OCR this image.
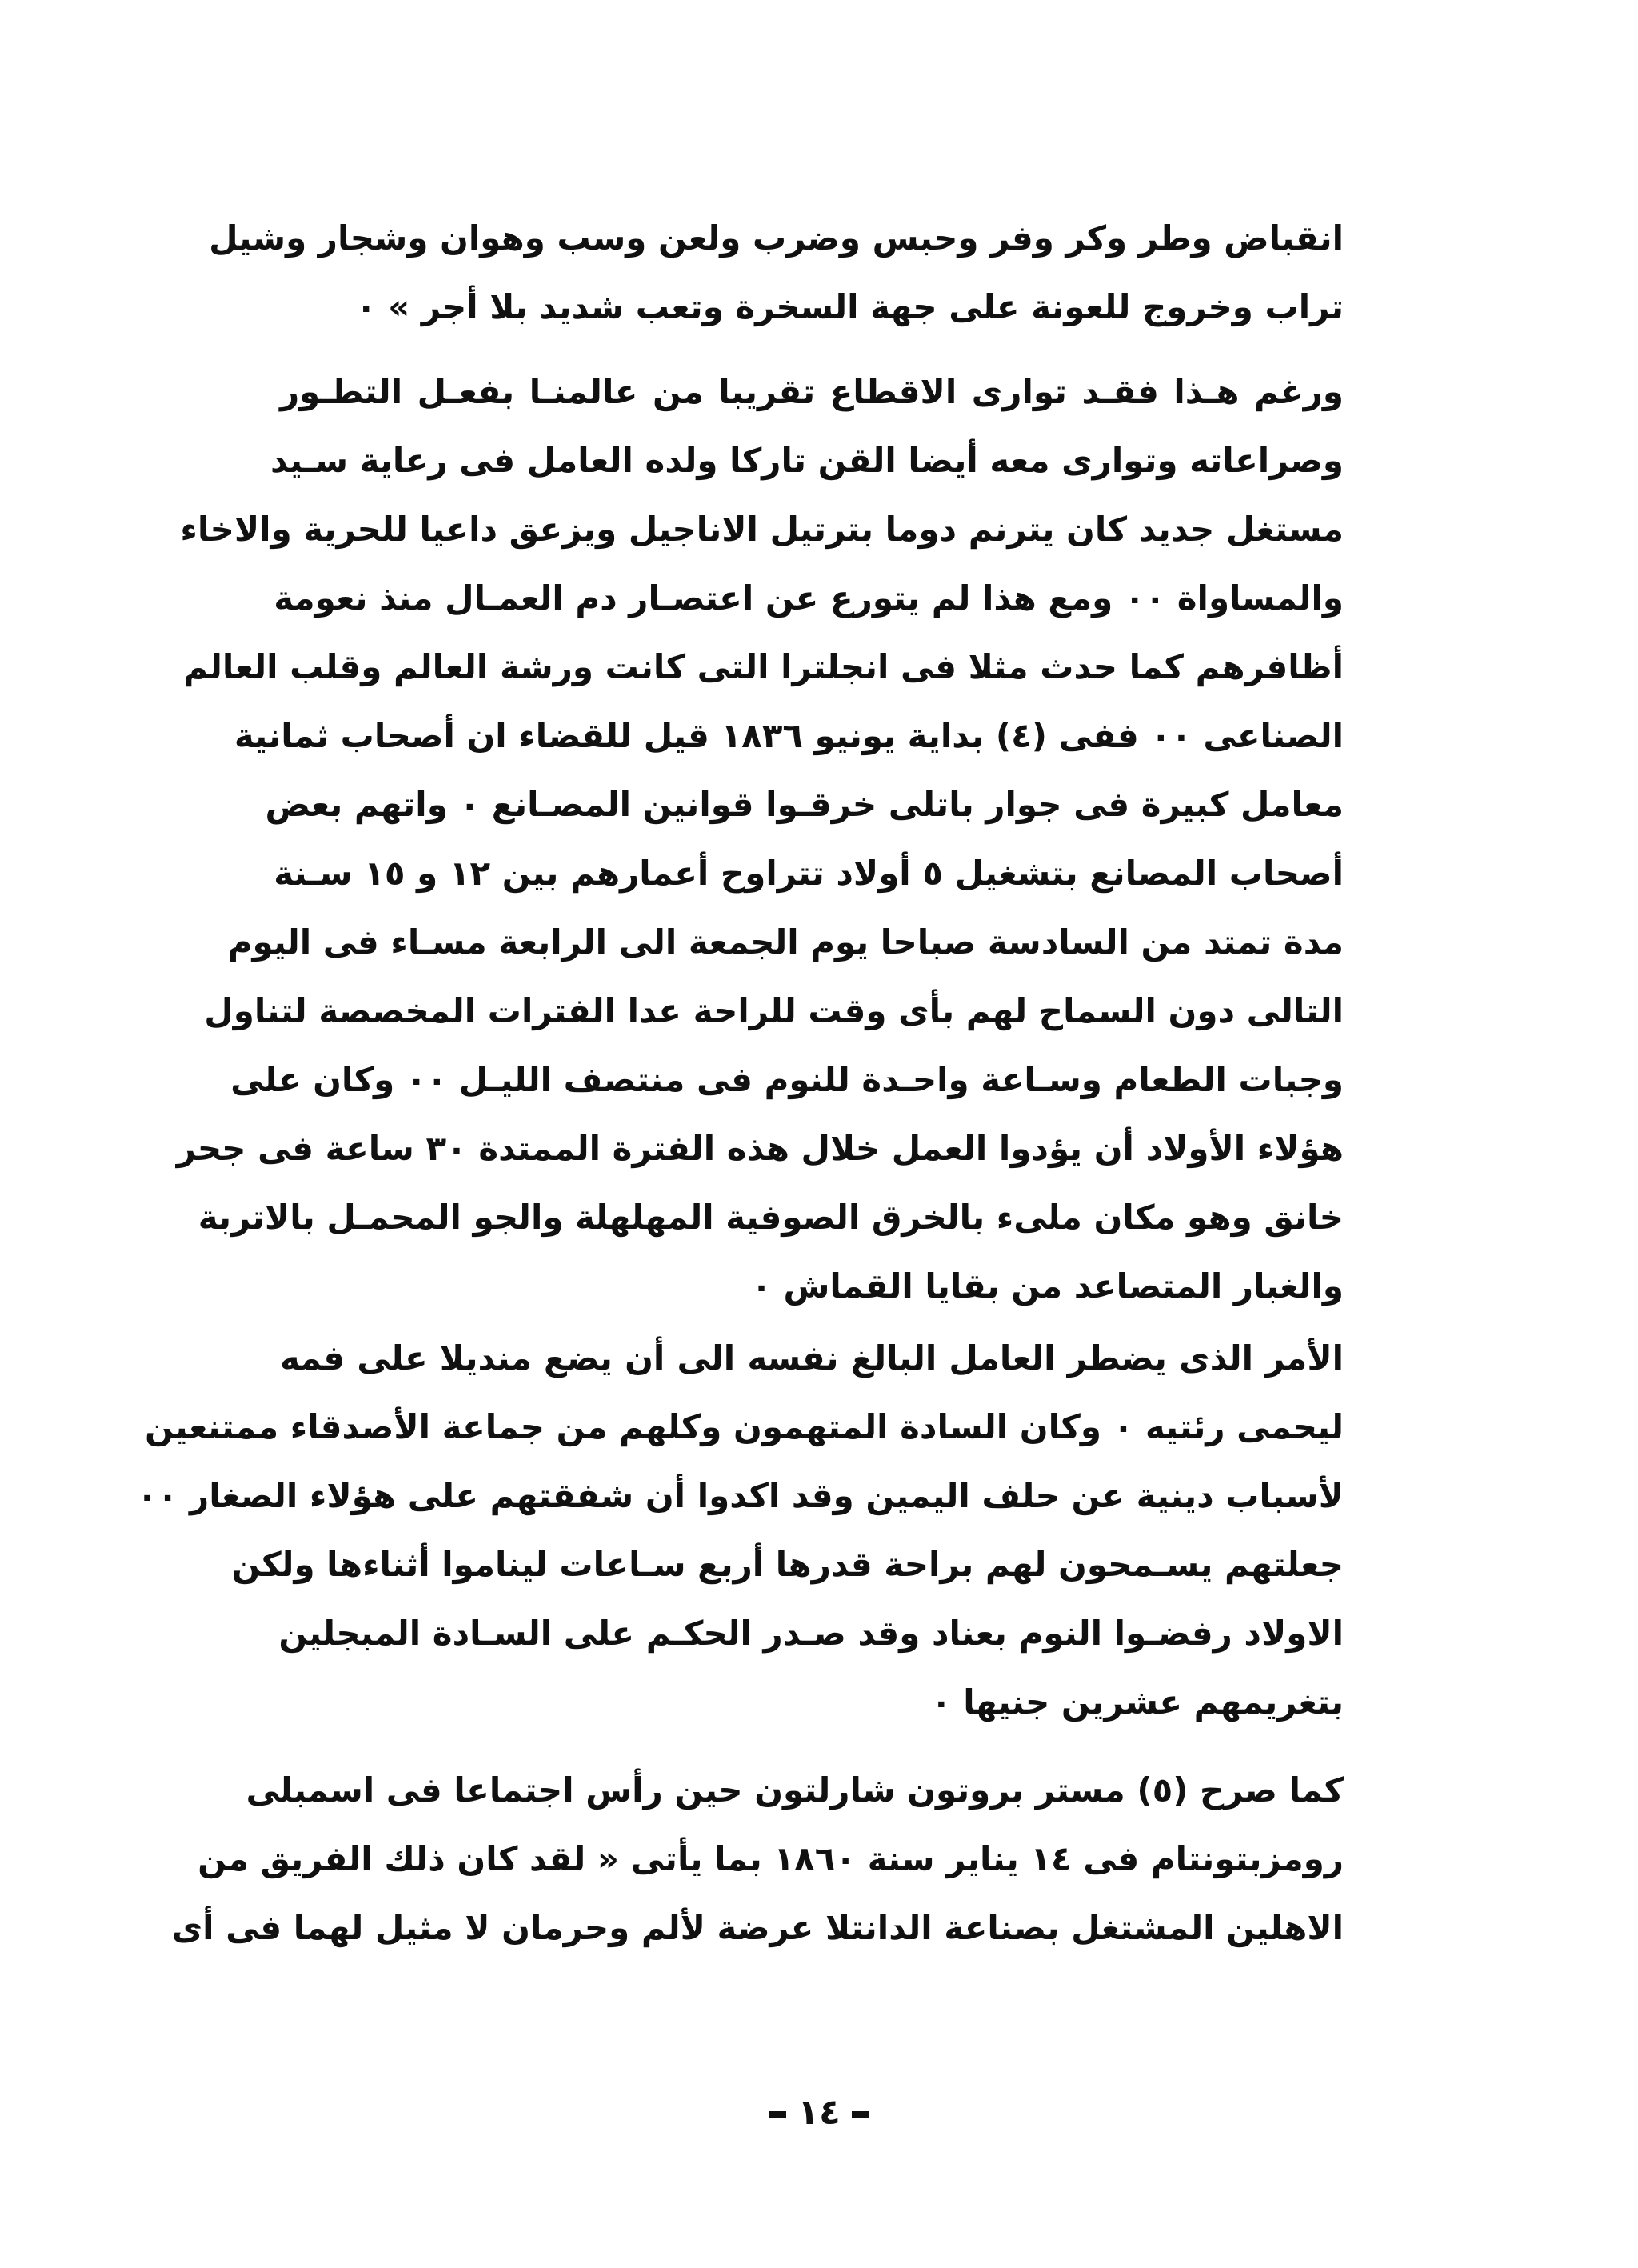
انقباض وطر وكر وفر وحبس وضرب ولعن وسب وهوان وشجار وشيل
تراب وخروج للعونة على جهة السخرة وتعب شديد بلا أجر » ٠
ورغم هـذا فقـد توارى الاقطاع تقريبا من عالمنـا بفعـل التطـور
وصراعاته وتوارى معه أيضا القن تاركا ولده العامل فى رعاية سـيد
مستغل جديد كان يترنم دوما بترتيل الاناجيل ويزعق داعيا للحرية والاخاء
والمساواة ٠٠ ومع هذا لم يتورع عن اعتصـار دم العمـال منذ نعومة
أظافرهم كما حدث مثلا فى انجلترا التى كانت ورشة العالم وقلب العالم
الصناعى ٠٠ ففى (٤) بداية يونيو ١٨٣٦ قيل للقضاء ان أصحاب ثمانية
معامل كبيرة فى جوار باتلى خرقـوا قوانين المصـانع ٠ واتهم بعض
أصحاب المصانع بتشغيل ٥ أولاد تتراوح أعمارهم بين ١٢ و ١٥ سـنة
مدة تمتد من السادسة صباحا يوم الجمعة الى الرابعة مسـاء فى اليوم
التالى دون السماح لهم بأى وقت للراحة عدا الفترات المخصصة لتناول
وجبات الطعام وسـاعة واحـدة للنوم فى منتصف الليـل ٠٠ وكان على
هؤلاء الأولاد أن يؤدوا العمل خلال هذه الفترة الممتدة ٣٠ ساعة فى جحر
خانق وهو مكان ملىء بالخرق الصوفية المهلهلة والجو المحمـل بالاتربة
والغبار المتصاعد من بقايا القماش ٠
الأمر الذى يضطر العامل البالغ نفسه الى أن يضع منديلا على فمه
ليحمى رئتيه ٠ وكان السادة المتهمون وكلهم من جماعة الأصدقاء ممتنعين
لأسباب دينية عن حلف اليمين وقد اكدوا أن شفقتهم على هؤلاء الصغار ٠٠
جعلتهم يسـمحون لهم براحة قدرها أربع سـاعات ليناموا أثناءها ولكن
الاولاد رفضـوا النوم بعناد وقد صـدر الحكـم على السـادة المبجلين
بتغريمهم عشرين جنيها ٠
كما صرح (٥) مستر بروتون شارلتون حين رأس اجتماعا فى اسمبلى
رومزبتونتام فى ١٤ يناير سنة ١٨٦٠ بما يأتى « لقد كان ذلك الفريق من
الاهلين المشتغل بصناعة الدانتلا عرضة لألم وحرمان لا مثيل لهما فى أى
١٤
